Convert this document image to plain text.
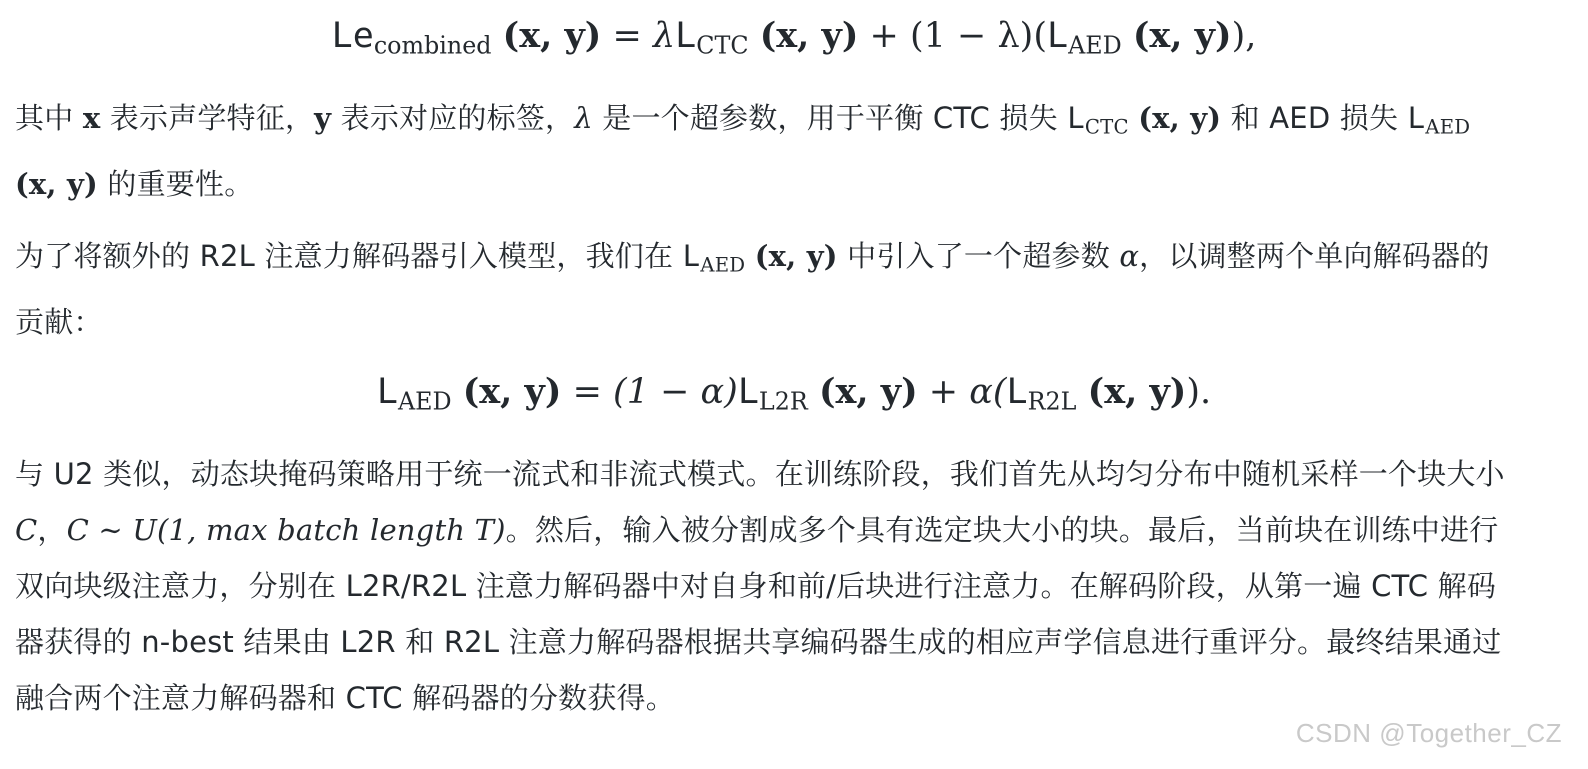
$Le_{combined}$ (x, $y) = \lambda L_{CTC}$ (x, $y) + (1 - \lambda)(L_{AED}$ (x, y)),
其中 x 表示声学特征，y 表示对应的标签，λ 是一个超参数，用于平衡 CTC 损失 $L_{CTC}$ (x, y) 和 AED 损失 $L_{AED}$ (x, y) 的重要性。
为了将额外的 R2L 注意力解码器引入模型，我们在 $L_{AED}$ (x, y) 中引入了一个超参数 α，以调整两个单向解码器的贡献：
$L_{AED}$ (x, $y) = (1 - \alpha)L_{L2R}$ (x, $y) + \alpha(L_{R2L}$ (x, y)).
与 U2 类似，动态块掩码策略用于统一流式和非流式模式。在训练阶段，我们首先从均匀分布中随机采样一个块大小 C，C ∼ U(1, max batch length T)。然后，输入被分割成多个具有选定块大小的块。最后，当前块在训练中进行双向块级注意力，分别在 L2R/R2L 注意力解码器中对自身和前/后块进行注意力。在解码阶段，从第一遍 CTC 解码器获得的 n-best 结果由 L2R 和 R2L 注意力解码器根据共享编码器生成的相应声学信息进行重评分。最终结果通过融合两个注意力解码器和 CTC 解码器的分数获得。
CSDN @Together_CZ
